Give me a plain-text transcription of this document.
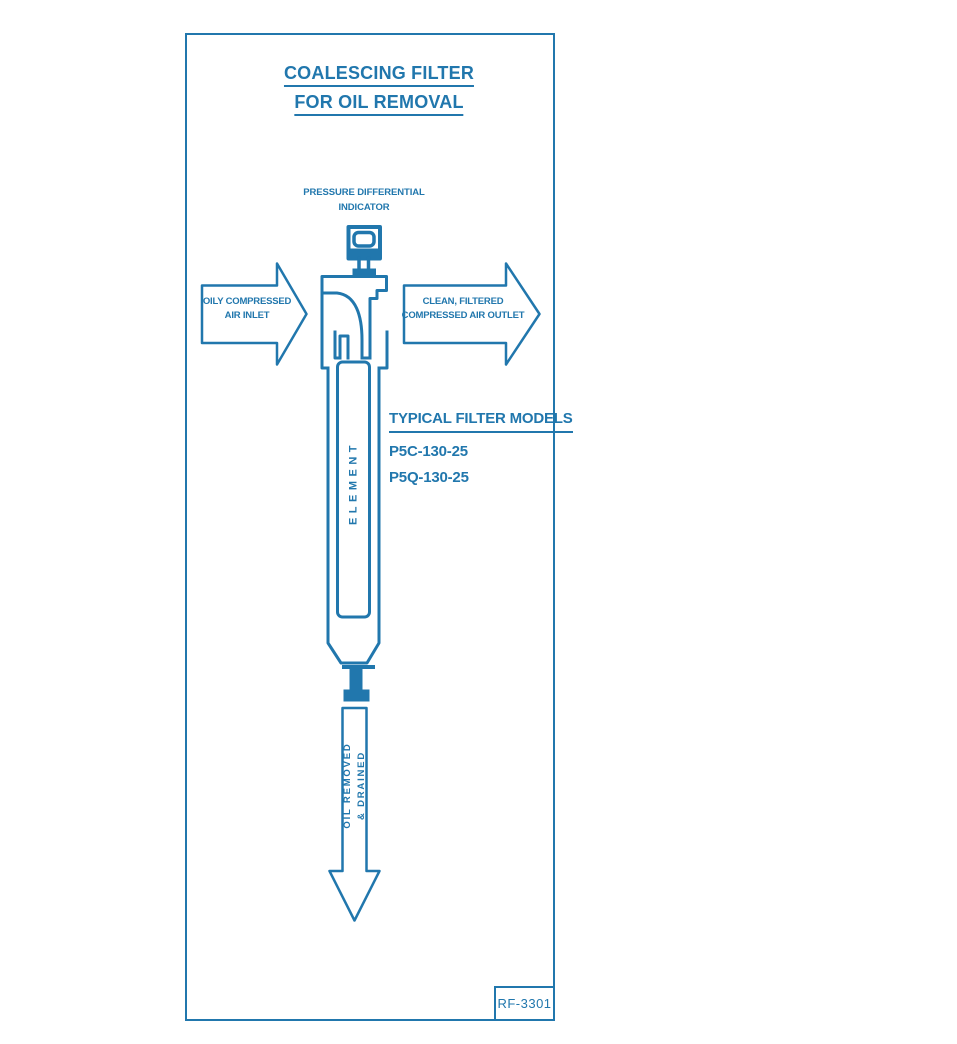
COALESCING FILTER
FOR OIL REMOVAL
PRESSURE DIFFERENTIAL
INDICATOR
OILY COMPRESSED
AIR INLET
CLEAN, FILTERED
COMPRESSED AIR OUTLET
ELEMENT
TYPICAL FILTER MODELS
P5C-130-25
P5Q-130-25
OIL REMOVED & DRAINED
RF-3301
